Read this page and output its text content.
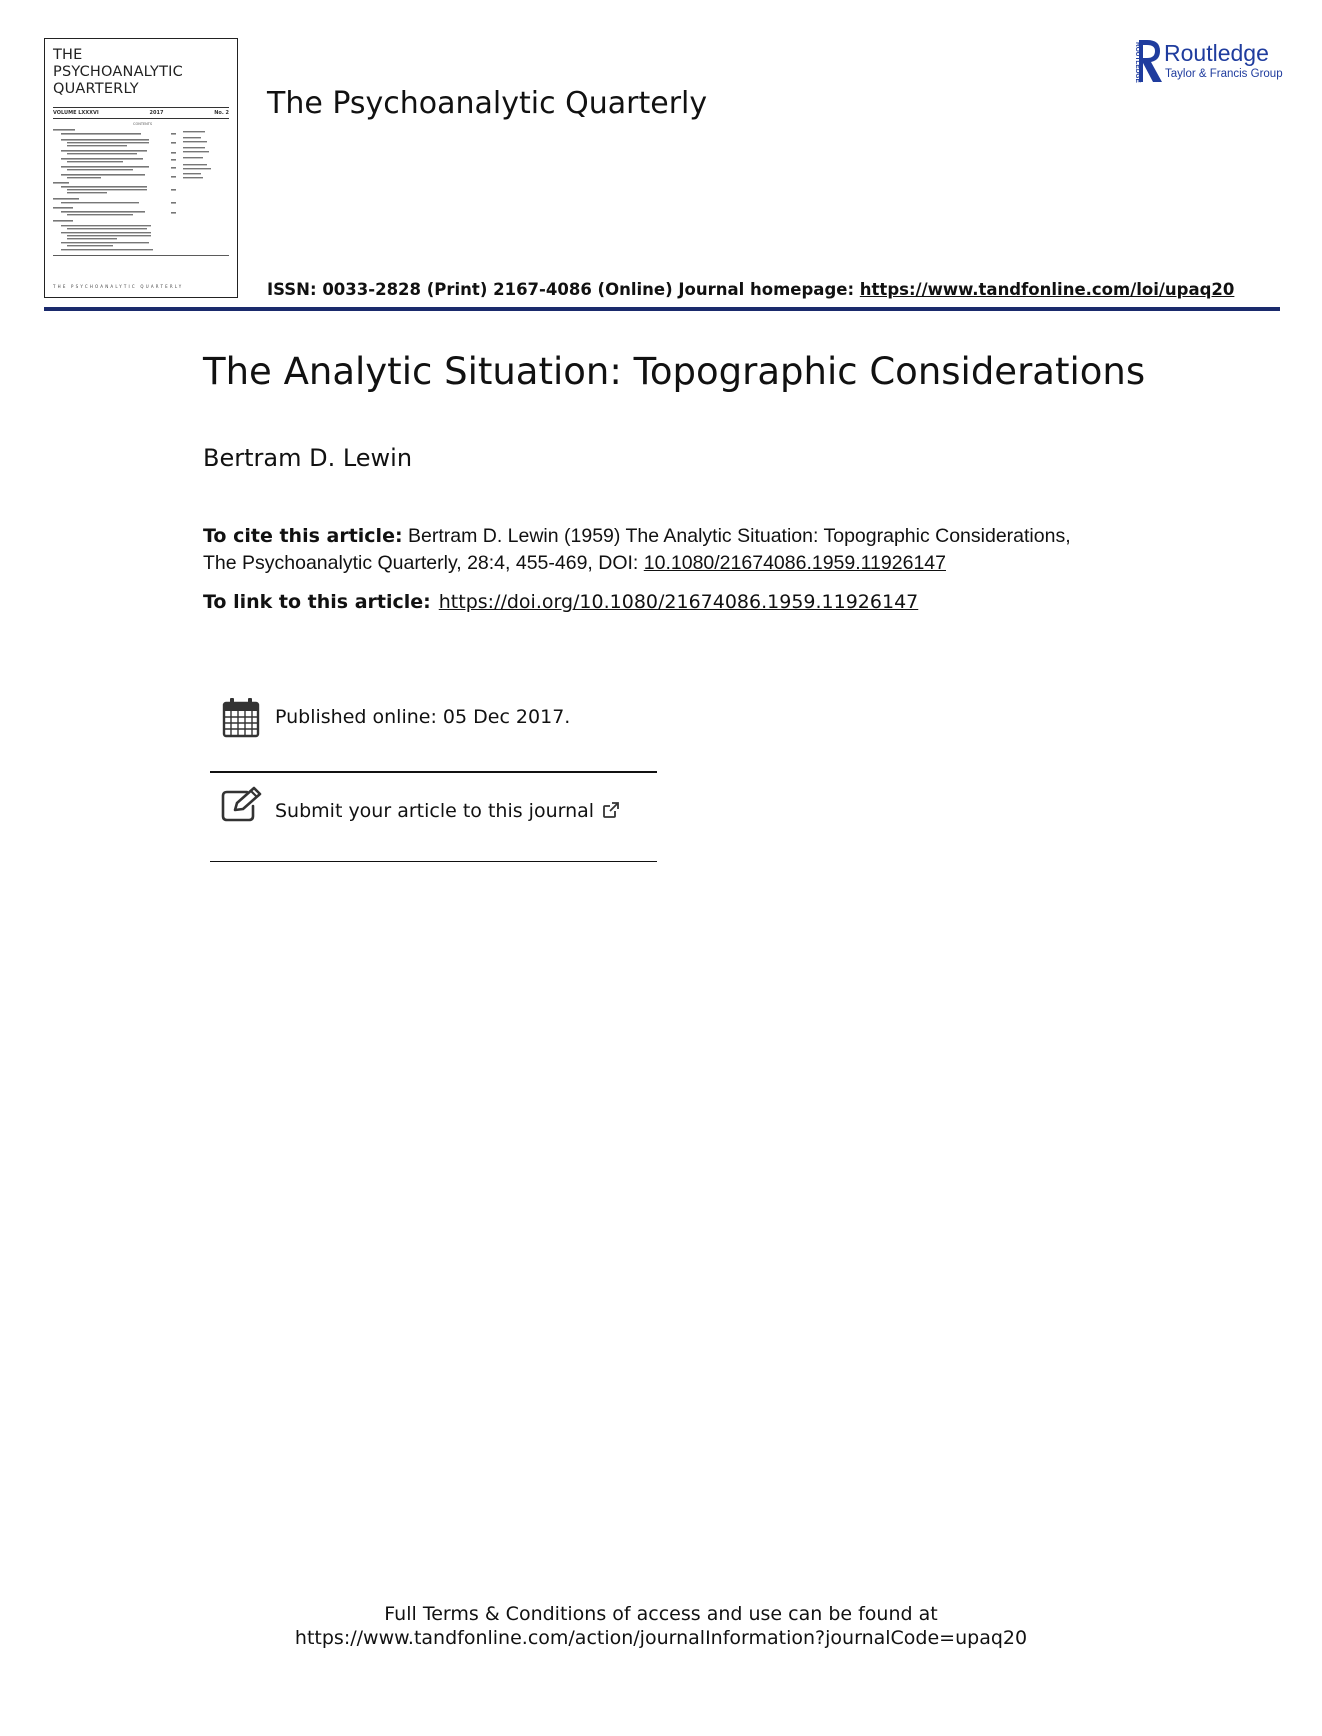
THE
PSYCHOANALYTIC
QUARTERLY
VOLUME LXXXVI	2017	No. 2
CONTENTS
THE PSYCHOANALYTIC QUARTERLY
The Psychoanalytic Quarterly
ROUTLEDGE Routledge
Taylor & Francis Group
ISSN: 0033-2828 (Print) 2167-4086 (Online) Journal homepage: https://www.tandfonline.com/loi/upaq20
The Analytic Situation: Topographic Considerations
Bertram D. Lewin
To cite this article: Bertram D. Lewin (1959) The Analytic Situation: Topographic Considerations,
The Psychoanalytic Quarterly, 28:4, 455-469, DOI: 10.1080/21674086.1959.11926147
To link to this article: https://doi.org/10.1080/21674086.1959.11926147
Published online: 05 Dec 2017.
Submit your article to this journal
Full Terms & Conditions of access and use can be found at
https://www.tandfonline.com/action/journalInformation?journalCode=upaq20
